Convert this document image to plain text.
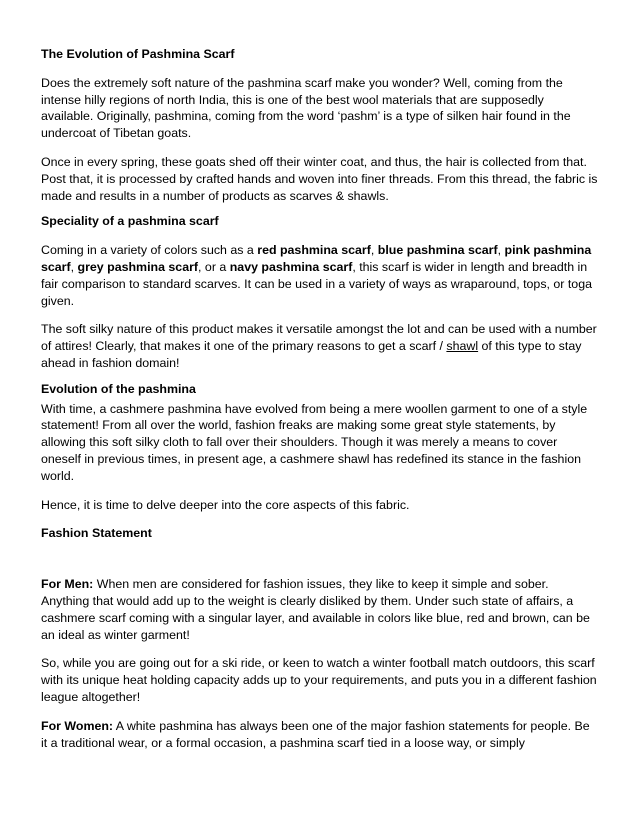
The Evolution of Pashmina Scarf

Does the extremely soft nature of the pashmina scarf make you wonder? Well, coming from the intense hilly regions of north India, this is one of the best wool materials that are supposedly available. Originally, pashmina, coming from the word ‘pashm’ is a type of silken hair found in the undercoat of Tibetan goats.

Once in every spring, these goats shed off their winter coat, and thus, the hair is collected from that. Post that, it is processed by crafted hands and woven into finer threads. From this thread, the fabric is made and results in a number of products as scarves & shawls.

Speciality of a pashmina scarf

Coming in a variety of colors such as a red pashmina scarf, blue pashmina scarf, pink pashmina scarf, grey pashmina scarf, or a navy pashmina scarf, this scarf is wider in length and breadth in fair comparison to standard scarves. It can be used in a variety of ways as wraparound, tops, or toga given.

The soft silky nature of this product makes it versatile amongst the lot and can be used with a number of attires! Clearly, that makes it one of the primary reasons to get a scarf / shawl of this type to stay ahead in fashion domain!

Evolution of the pashmina

With time, a cashmere pashmina have evolved from being a mere woollen garment to one of a style statement! From all over the world, fashion freaks are making some great style statements, by allowing this soft silky cloth to fall over their shoulders. Though it was merely a means to cover oneself in previous times, in present age, a cashmere shawl has redefined its stance in the fashion world.

Hence, it is time to delve deeper into the core aspects of this fabric.

Fashion Statement

For Men: When men are considered for fashion issues, they like to keep it simple and sober. Anything that would add up to the weight is clearly disliked by them. Under such state of affairs, a cashmere scarf coming with a singular layer, and available in colors like blue, red and brown, can be an ideal as winter garment!

So, while you are going out for a ski ride, or keen to watch a winter football match outdoors, this scarf with its unique heat holding capacity adds up to your requirements, and puts you in a different fashion league altogether!

For Women: A white pashmina has always been one of the major fashion statements for people. Be it a traditional wear, or a formal occasion, a pashmina scarf tied in a loose way, or simply
